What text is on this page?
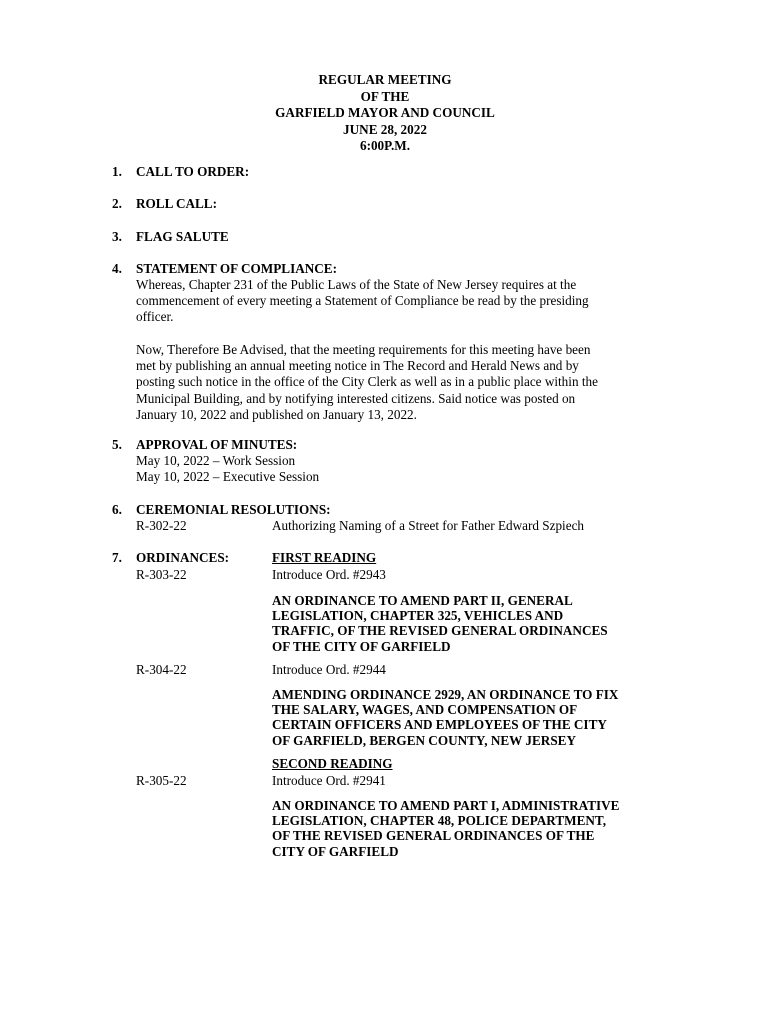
REGULAR MEETING
OF THE
GARFIELD MAYOR AND COUNCIL
JUNE 28, 2022
6:00P.M.
1. CALL TO ORDER:
2. ROLL CALL:
3. FLAG SALUTE
4. STATEMENT OF COMPLIANCE:
Whereas, Chapter 231 of the Public Laws of the State of New Jersey requires at the
commencement of every meeting a Statement of Compliance be read by the presiding
officer.
Now, Therefore Be Advised, that the meeting requirements for this meeting have been
met by publishing an annual meeting notice in The Record and Herald News and by
posting such notice in the office of the City Clerk as well as in a public place within the
Municipal Building, and by notifying interested citizens. Said notice was posted on
January 10, 2022 and published on January 13, 2022.
5. APPROVAL OF MINUTES:
May 10, 2022 – Work Session
May 10, 2022 – Executive Session
6. CEREMONIAL RESOLUTIONS:
R-302-22	Authorizing Naming of a Street for Father Edward Szpiech
7. ORDINANCES:	FIRST READING
R-303-22	Introduce Ord. #2943
AN ORDINANCE TO AMEND PART II, GENERAL
LEGISLATION, CHAPTER 325, VEHICLES AND
TRAFFIC, OF THE REVISED GENERAL ORDINANCES
OF THE CITY OF GARFIELD
R-304-22	Introduce Ord. #2944
AMENDING ORDINANCE 2929, AN ORDINANCE TO FIX
THE SALARY, WAGES, AND COMPENSATION OF
CERTAIN OFFICERS AND EMPLOYEES OF THE CITY
OF GARFIELD, BERGEN COUNTY, NEW JERSEY
SECOND READING
R-305-22	Introduce Ord. #2941
AN ORDINANCE TO AMEND PART I, ADMINISTRATIVE
LEGISLATION, CHAPTER 48, POLICE DEPARTMENT,
OF THE REVISED GENERAL ORDINANCES OF THE
CITY OF GARFIELD
